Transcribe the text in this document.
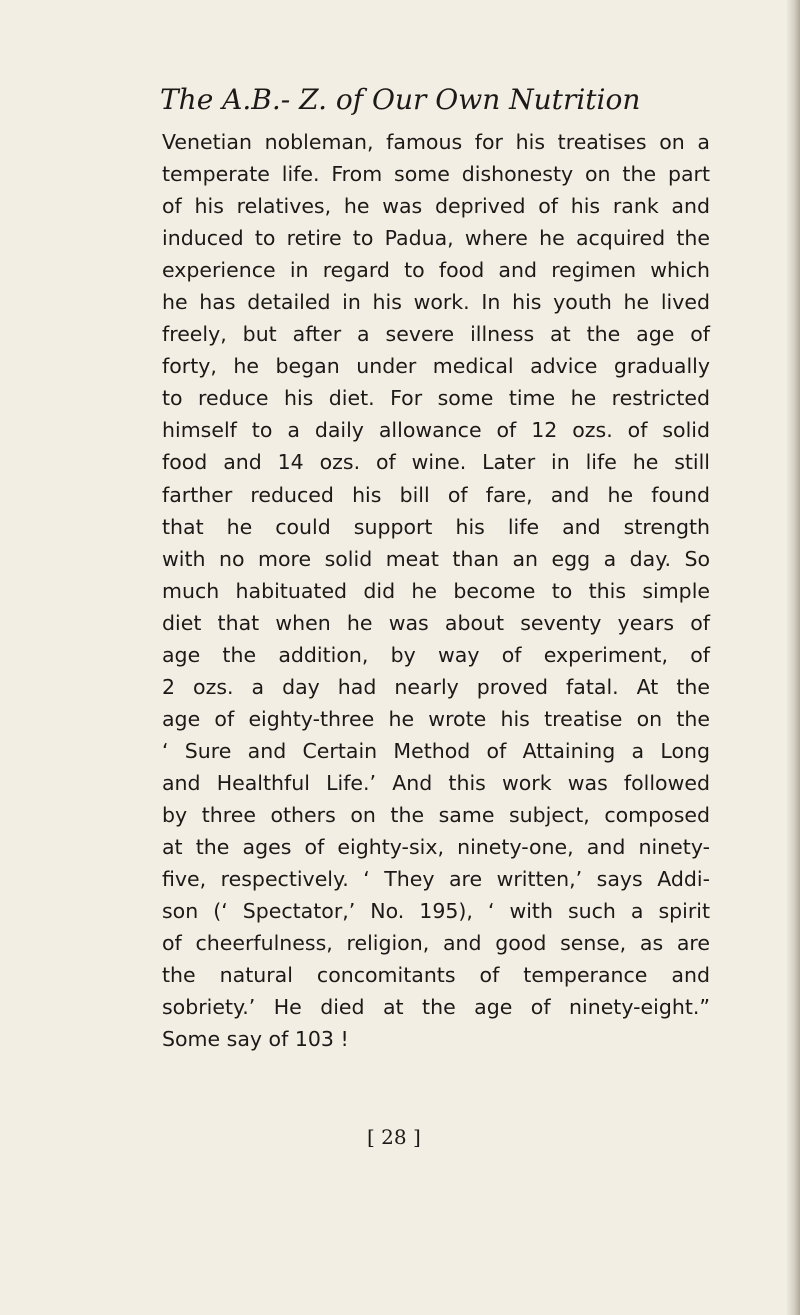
The A.B.- Z. of Our Own Nutrition
Venetian nobleman, famous for his treatises on a
temperate life. From some dishonesty on the part
of his relatives, he was deprived of his rank and
induced to retire to Padua, where he acquired the
experience in regard to food and regimen which
he has detailed in his work. In his youth he lived
freely, but after a severe illness at the age of
forty, he began under medical advice gradually
to reduce his diet. For some time he restricted
himself to a daily allowance of 12 ozs. of solid
food and 14 ozs. of wine. Later in life he still
farther reduced his bill of fare, and he found
that he could support his life and strength
with no more solid meat than an egg a day. So
much habituated did he become to this simple
diet that when he was about seventy years of
age the addition, by way of experiment, of
2 ozs. a day had nearly proved fatal. At the
age of eighty-three he wrote his treatise on the
‘ Sure and Certain Method of Attaining a Long
and Healthful Life.’ And this work was followed
by three others on the same subject, composed
at the ages of eighty-six, ninety-one, and ninety-
five, respectively. ‘ They are written,’ says Addi-
son (‘ Spectator,’ No. 195), ‘ with such a spirit
of cheerfulness, religion, and good sense, as are
the natural concomitants of temperance and
sobriety.’ He died at the age of ninety-eight.”
Some say of 103 !
[ 28 ]
